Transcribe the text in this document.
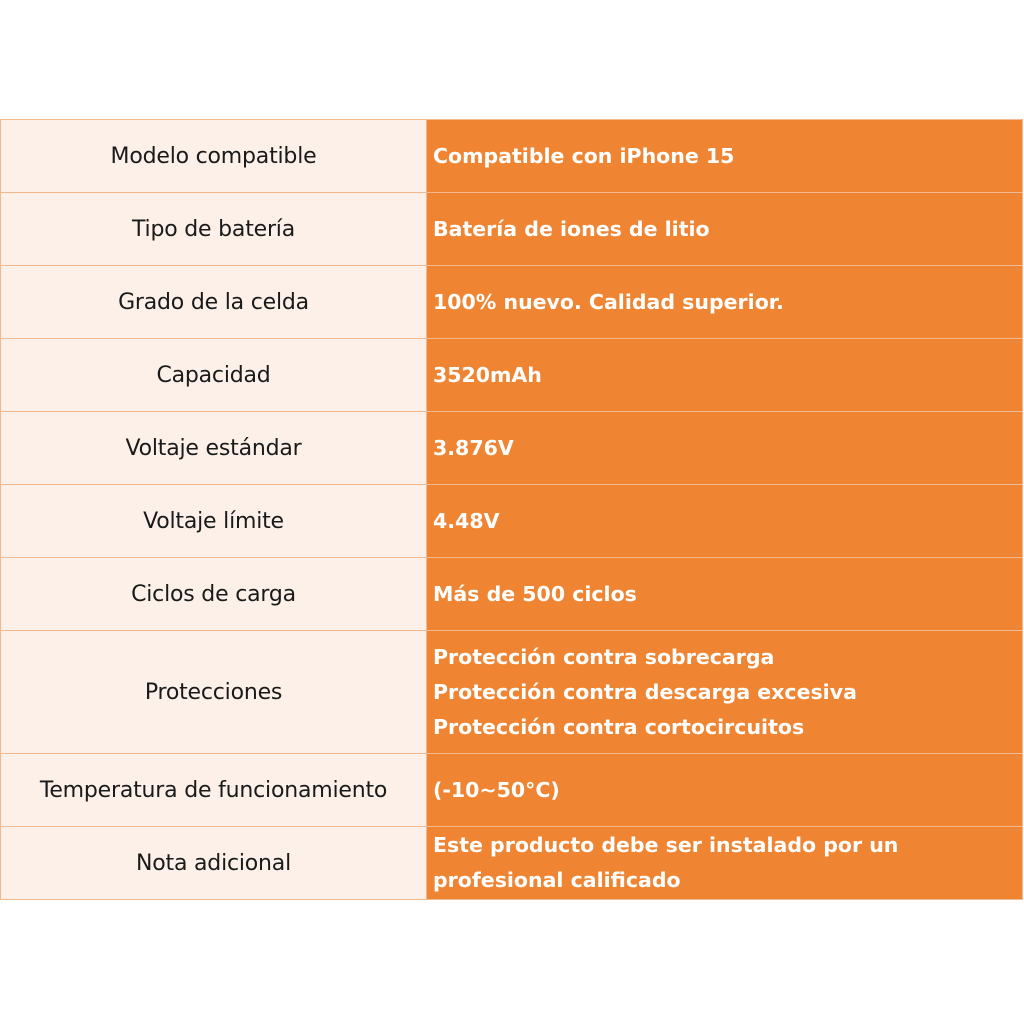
Modelo compatible	Compatible con iPhone 15

Tipo de batería	Batería de iones de litio

Grado de la celda	100% nuevo. Calidad superior.

Capacidad	3520mAh

Voltaje estándar	3.876V

Voltaje límite	4.48V

Ciclos de carga	Más de 500 ciclos

Protecciones	Protección contra sobrecarga
Protección contra descarga excesiva
Protección contra cortocircuitos

Temperatura de funcionamiento	(-10~50°C)

Nota adicional	Este producto debe ser instalado por un
profesional calificado
